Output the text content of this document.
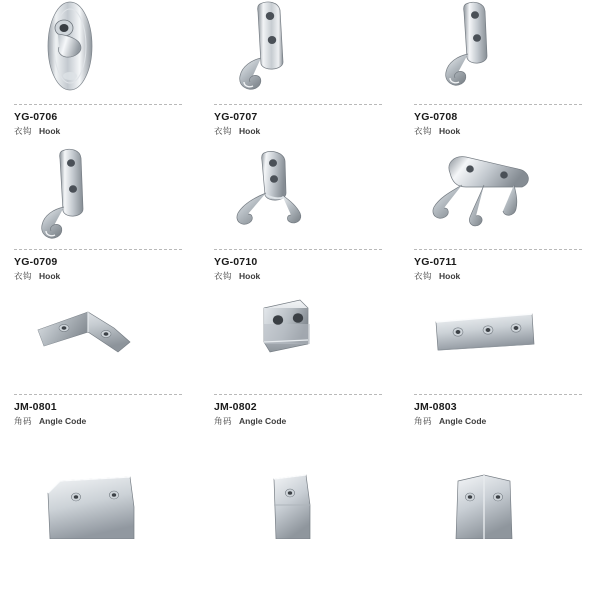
YG-0706
衣钩 Hook
YG-0707
衣钩 Hook
YG-0708
衣钩 Hook
YG-0709
衣钩 Hook
YG-0710
衣钩 Hook
YG-0711
衣钩 Hook
JM-0801
角码 Angle Code
JM-0802
角码 Angle Code
JM-0803
角码 Angle Code
